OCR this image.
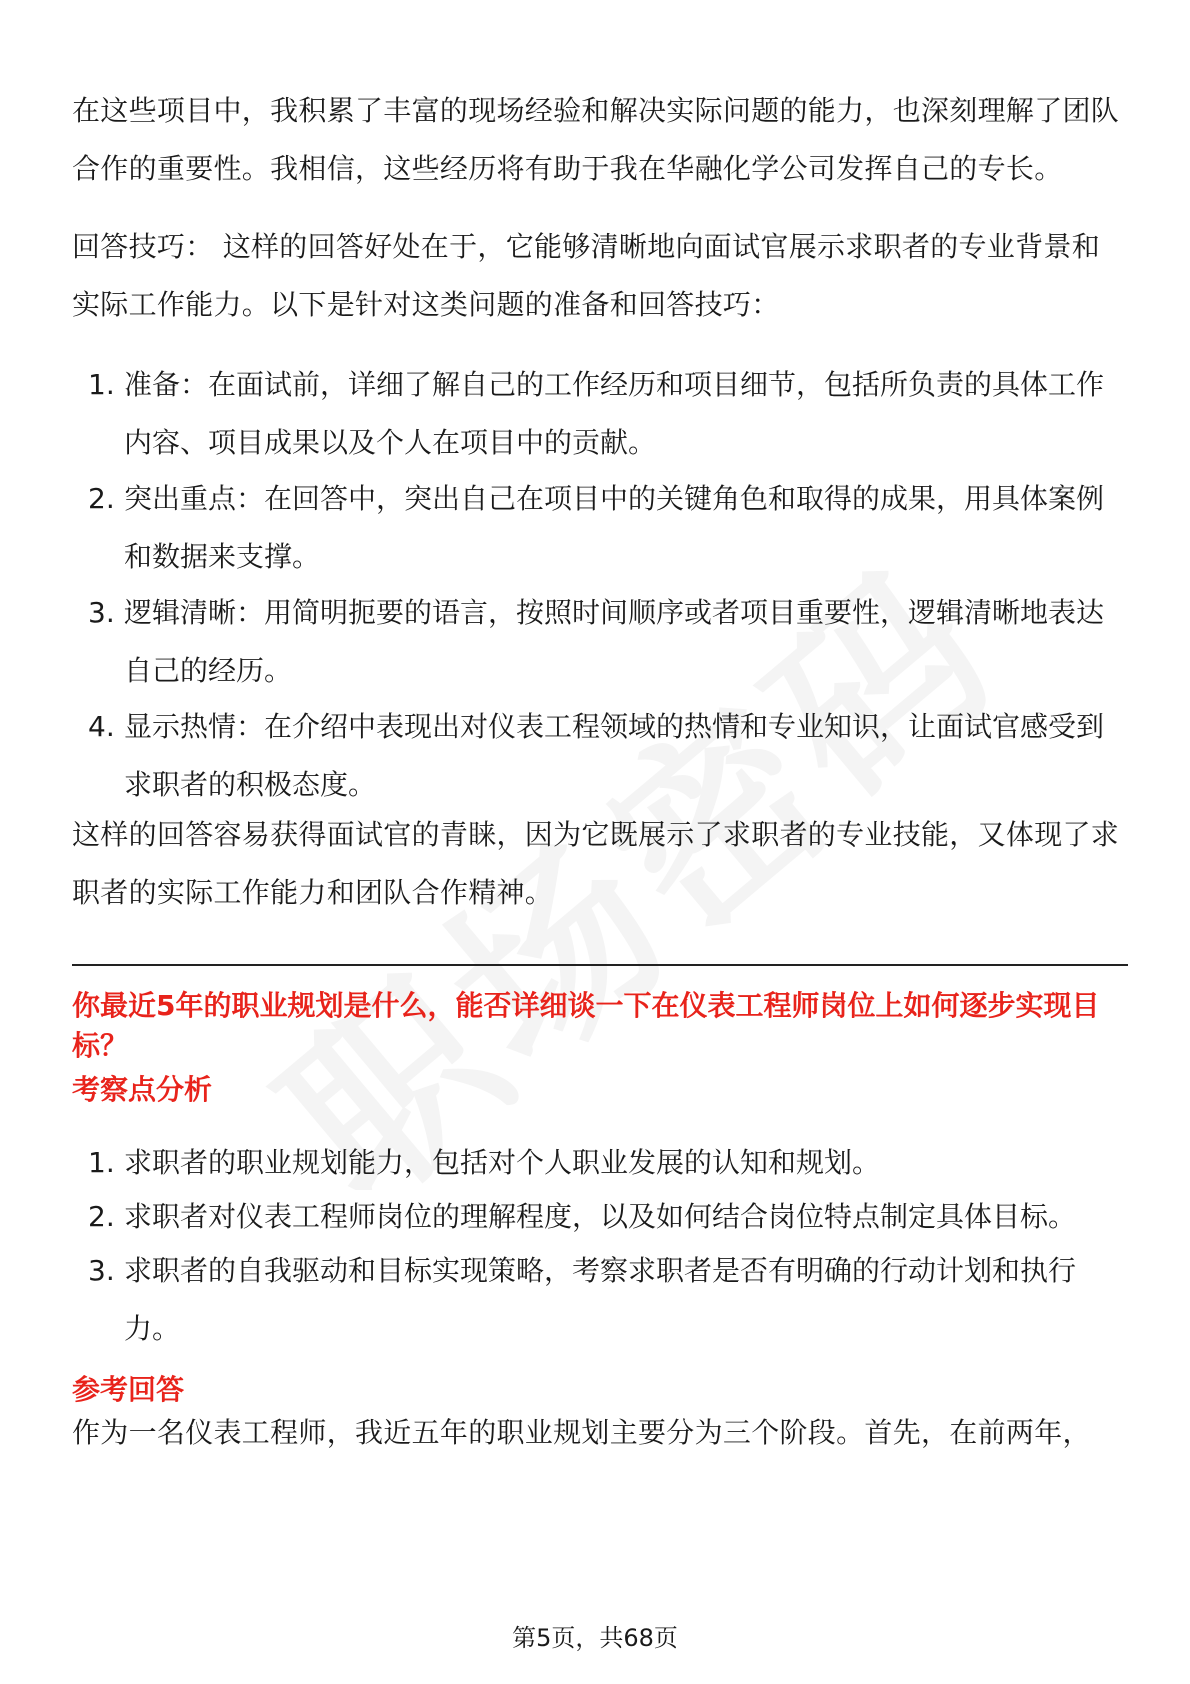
在这些项目中，我积累了丰富的现场经验和解决实际问题的能力，也深刻理解了团队合作的重要性。我相信，这些经历将有助于我在华融化学公司发挥自己的专长。

回答技巧： 这样的回答好处在于，它能够清晰地向面试官展示求职者的专业背景和实际工作能力。以下是针对这类问题的准备和回答技巧：

1. 准备：在面试前，详细了解自己的工作经历和项目细节，包括所负责的具体工作内容、项目成果以及个人在项目中的贡献。
2. 突出重点：在回答中，突出自己在项目中的关键角色和取得的成果，用具体案例和数据来支撑。
3. 逻辑清晰：用简明扼要的语言，按照时间顺序或者项目重要性，逻辑清晰地表达自己的经历。
4. 显示热情：在介绍中表现出对仪表工程领域的热情和专业知识，让面试官感受到求职者的积极态度。

这样的回答容易获得面试官的青睐，因为它既展示了求职者的专业技能，又体现了求职者的实际工作能力和团队合作精神。

你最近5年的职业规划是什么，能否详细谈一下在仪表工程师岗位上如何逐步实现目标？
考察点分析
1. 求职者的职业规划能力，包括对个人职业发展的认知和规划。
2. 求职者对仪表工程师岗位的理解程度，以及如何结合岗位特点制定具体目标。
3. 求职者的自我驱动和目标实现策略，考察求职者是否有明确的行动计划和执行力。
参考回答

作为一名仪表工程师，我近五年的职业规划主要分为三个阶段。首先，在前两年，

第5页，共68页
